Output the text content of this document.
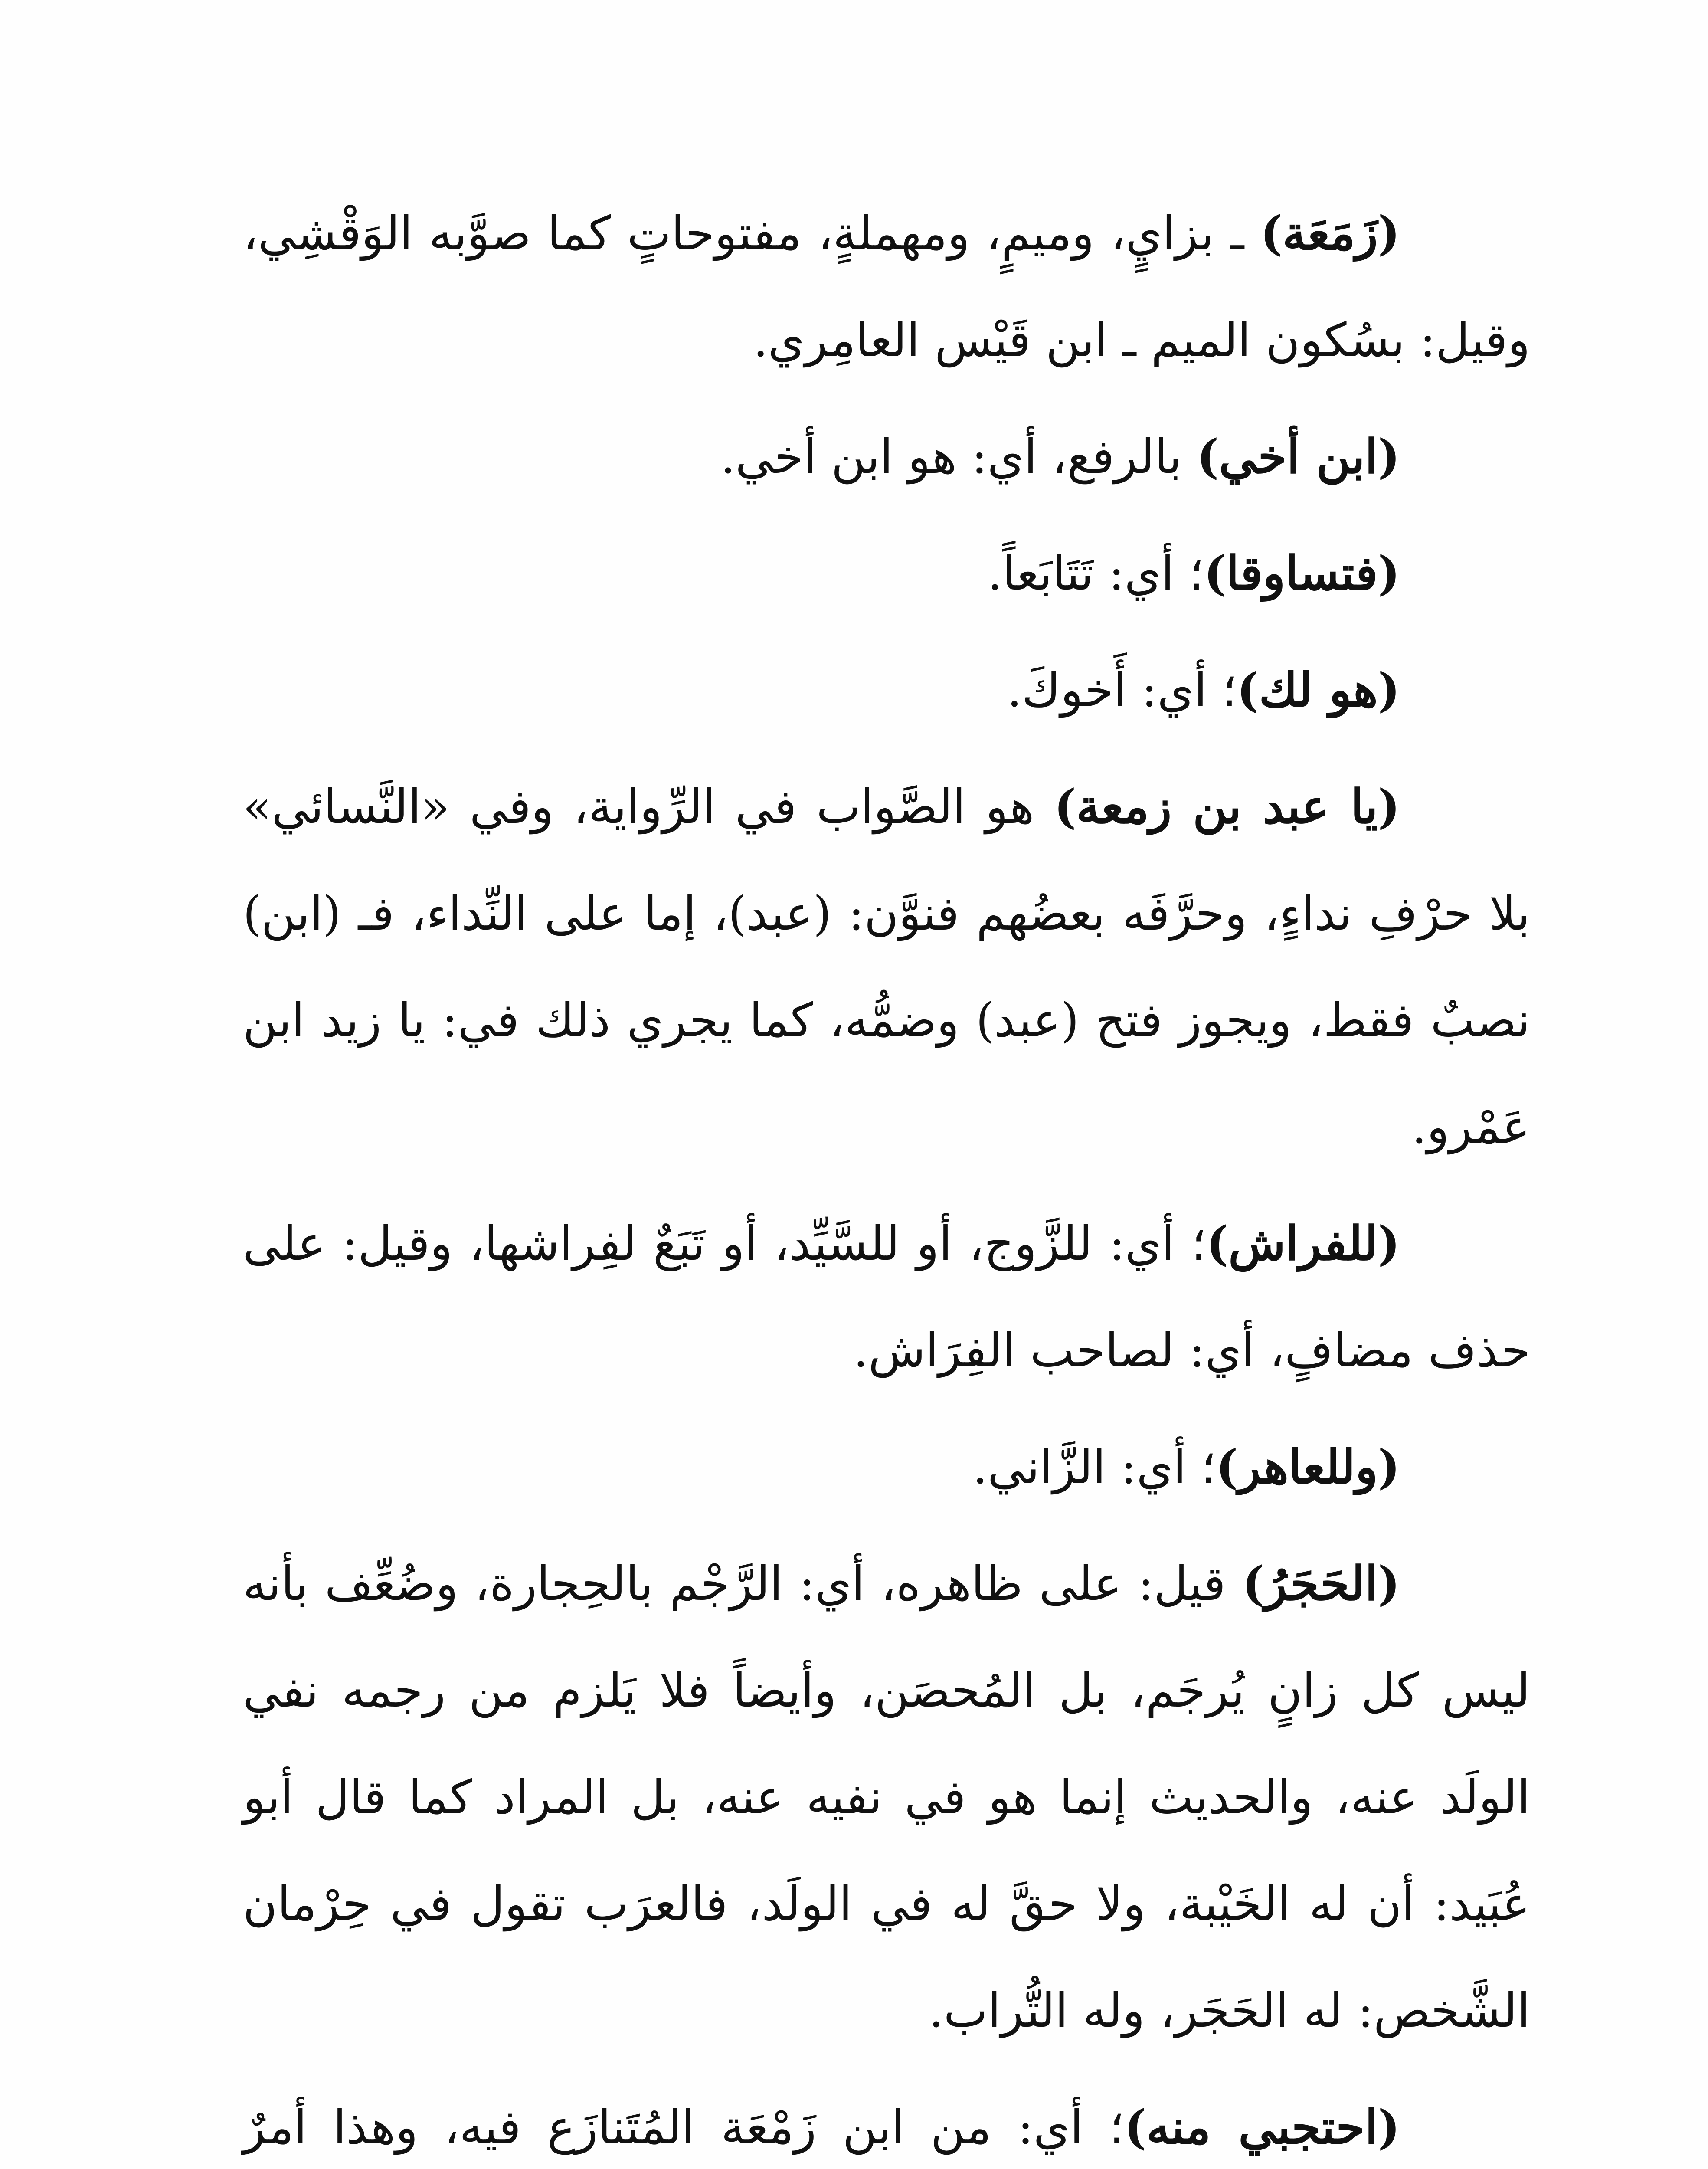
(زَمَعَة) ـ بزايٍ، وميمٍ، ومهملةٍ، مفتوحاتٍ كما صوَّبه الوَقْشِي، وقيل: بسُكون الميم ـ ابن قَيْس العامِري.

(ابن أخي) بالرفع، أي: هو ابن أخي.

(فتساوقا)؛ أي: تَتَابَعاً.

(هو لك)؛ أي: أَخوكَ.

(يا عبد بن زمعة) هو الصَّواب في الرِّواية، وفي «النَّسائي» بلا حرْفِ نداءٍ، وحرَّفَه بعضُهم فنوَّن: (عبد)، إما على النِّداء، فـ (ابن) نصبٌ فقط، ويجوز فتح (عبد) وضمُّه، كما يجري ذلك في: يا زيد ابن عَمْرو.

(للفراش)؛ أي: للزَّوج، أو للسَّيِّد، أو تَبَعٌ لفِراشها، وقيل: على حذف مضافٍ، أي: لصاحب الفِرَاش.

(وللعاهر)؛ أي: الزَّاني.

(الحَجَرُ) قيل: على ظاهره، أي: الرَّجْم بالحِجارة، وضُعِّف بأنه ليس كل زانٍ يُرجَم، بل المُحصَن، وأيضاً فلا يَلزم من رجمه نفي الولَد عنه، والحديث إنما هو في نفيه عنه، بل المراد كما قال أبو عُبَيد: أن له الخَيْبة، ولا حقَّ له في الولَد، فالعرَب تقول في حِرْمان الشَّخص: له الحَجَر، وله التُّراب.

(احتجبي منه)؛ أي: من ابن زَمْعَة المُتَنازَع فيه، وهذا أمرٌ
